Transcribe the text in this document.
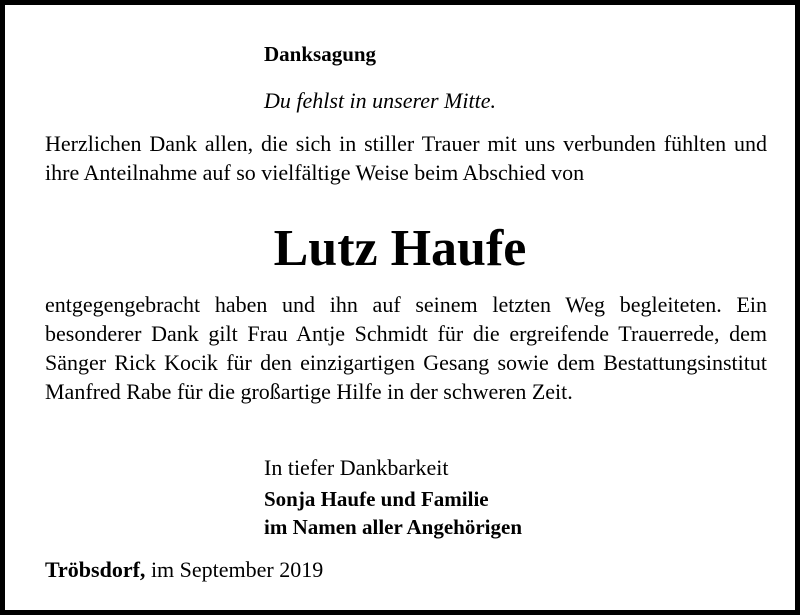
Danksagung
Du fehlst in unserer Mitte.
Herzlichen Dank allen, die sich in stiller Trauer mit uns verbunden fühlten und ihre Anteilnahme auf so vielfältige Weise beim Abschied von
Lutz Haufe
entgegengebracht haben und ihn auf seinem letzten Weg begleiteten. Ein besonderer Dank gilt Frau Antje Schmidt für die ergreifende Trauerrede, dem Sänger Rick Kocik für den einzigartigen Gesang sowie dem Bestattungsinstitut Manfred Rabe für die großartige Hilfe in der schweren Zeit.
In tiefer Dankbarkeit
Sonja Haufe und Familie
im Namen aller Angehörigen
Tröbsdorf, im September 2019
